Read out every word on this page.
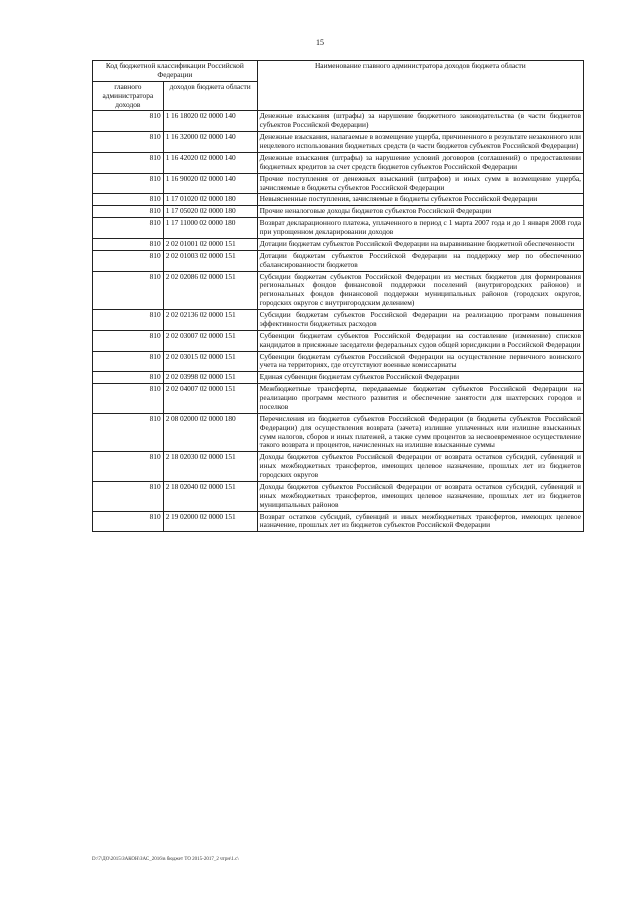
15
Код бюджетной классификации Российской Федерации		Наименование главного администратора доходов бюджета области
главного администратора доходов	доходов бюджета области	
810	1 16 18020 02 0000 140	Денежные взыскания (штрафы) за нарушение бюджетного законодательства (в части бюджетов субъектов Российской Федерации)
810	1 16 32000 02 0000 140	Денежные взыскания, налагаемые в возмещение ущерба, причиненного в результате незаконного или нецелевого использования бюджетных средств (в части бюджетов субъектов Российской Федерации)
810	1 16 42020 02 0000 140	Денежные взыскания (штрафы) за нарушение условий договоров (соглашений) о предоставлении бюджетных кредитов за счет средств бюджетов субъектов Российской Федерации
810	1 16 90020 02 0000 140	Прочие поступления от денежных взысканий (штрафов) и иных сумм в возмещение ущерба, зачисляемые в бюджеты субъектов Российской Федерации
810	1 17 01020 02 0000 180	Невыясненные поступления, зачисляемые в бюджеты субъектов Российской Федерации
810	1 17 05020 02 0000 180	Прочие неналоговые доходы бюджетов субъектов Российской Федерации
810	1 17 11000 02 0000 180	Возврат декларационного платежа, уплаченного в период с 1 марта 2007 года и до 1 января 2008 года при упрощенном декларировании доходов
810	2 02 01001 02 0000 151	Дотации бюджетам субъектов Российской Федерации на выравнивание бюджетной обеспеченности
810	2 02 01003 02 0000 151	Дотации бюджетам субъектов Российской Федерации на поддержку мер по обеспечению сбалансированности бюджетов
810	2 02 02086 02 0000 151	Субсидии бюджетам субъектов Российской Федерации из местных бюджетов для формирования региональных фондов финансовой поддержки поселений (внутригородских районов) и региональных фондов финансовой поддержки муниципальных районов (городских округов, городских округов с внутригородским делением)
810	2 02 02136 02 0000 151	Субсидии бюджетам субъектов Российской Федерации на реализацию программ повышения эффективности бюджетных расходов
810	2 02 03007 02 0000 151	Субвенции бюджетам субъектов Российской Федерации на составление (изменение) списков кандидатов в присяжные заседатели федеральных судов общей юрисдикции в Российской Федерации
810	2 02 03015 02 0000 151	Субвенции бюджетам субъектов Российской Федерации на осуществление первичного воинского учета на территориях, где отсутствуют военные комиссариаты
810	2 02 03998 02 0000 151	Единая субвенция бюджетам субъектов Российской Федерации
810	2 02 04007 02 0000 151	Межбюджетные трансферты, передаваемые бюджетам субъектов Российской Федерации на реализацию программ местного развития и обеспечение занятости для шахтерских городов и поселков
810	2 08 02000 02 0000 180	Перечисления из бюджетов субъектов Российской Федерации (в бюджеты субъектов Российской Федерации) для осуществления возврата (зачета) излишне уплаченных или излишне взысканных сумм налогов, сборов и иных платежей, а также сумм процентов за несвоевременное осуществление такого возврата и процентов, начисленных на излишне взысканные суммы
810	2 18 02030 02 0000 151	Доходы бюджетов субъектов Российской Федерации от возврата остатков субсидий, субвенций и иных межбюджетных трансфертов, имеющих целевое назначение, прошлых лет из бюджетов городских округов
810	2 18 02040 02 0000 151	Доходы бюджетов субъектов Российской Федерации от возврата остатков субсидий, субвенций и иных межбюджетных трансфертов, имеющих целевое назначение, прошлых лет из бюджетов муниципальных районов
810	2 19 02000 02 0000 151	Возврат остатков субсидий, субвенций и иных межбюджетных трансфертов, имеющих целевое назначение, прошлых лет из бюджетов субъектов Российской Федерации
D:\7\ДО\2015\ЗАКОН\ЗАС_2016\в бюджет ТО 2015-2017_2 чтрн\1.с\
